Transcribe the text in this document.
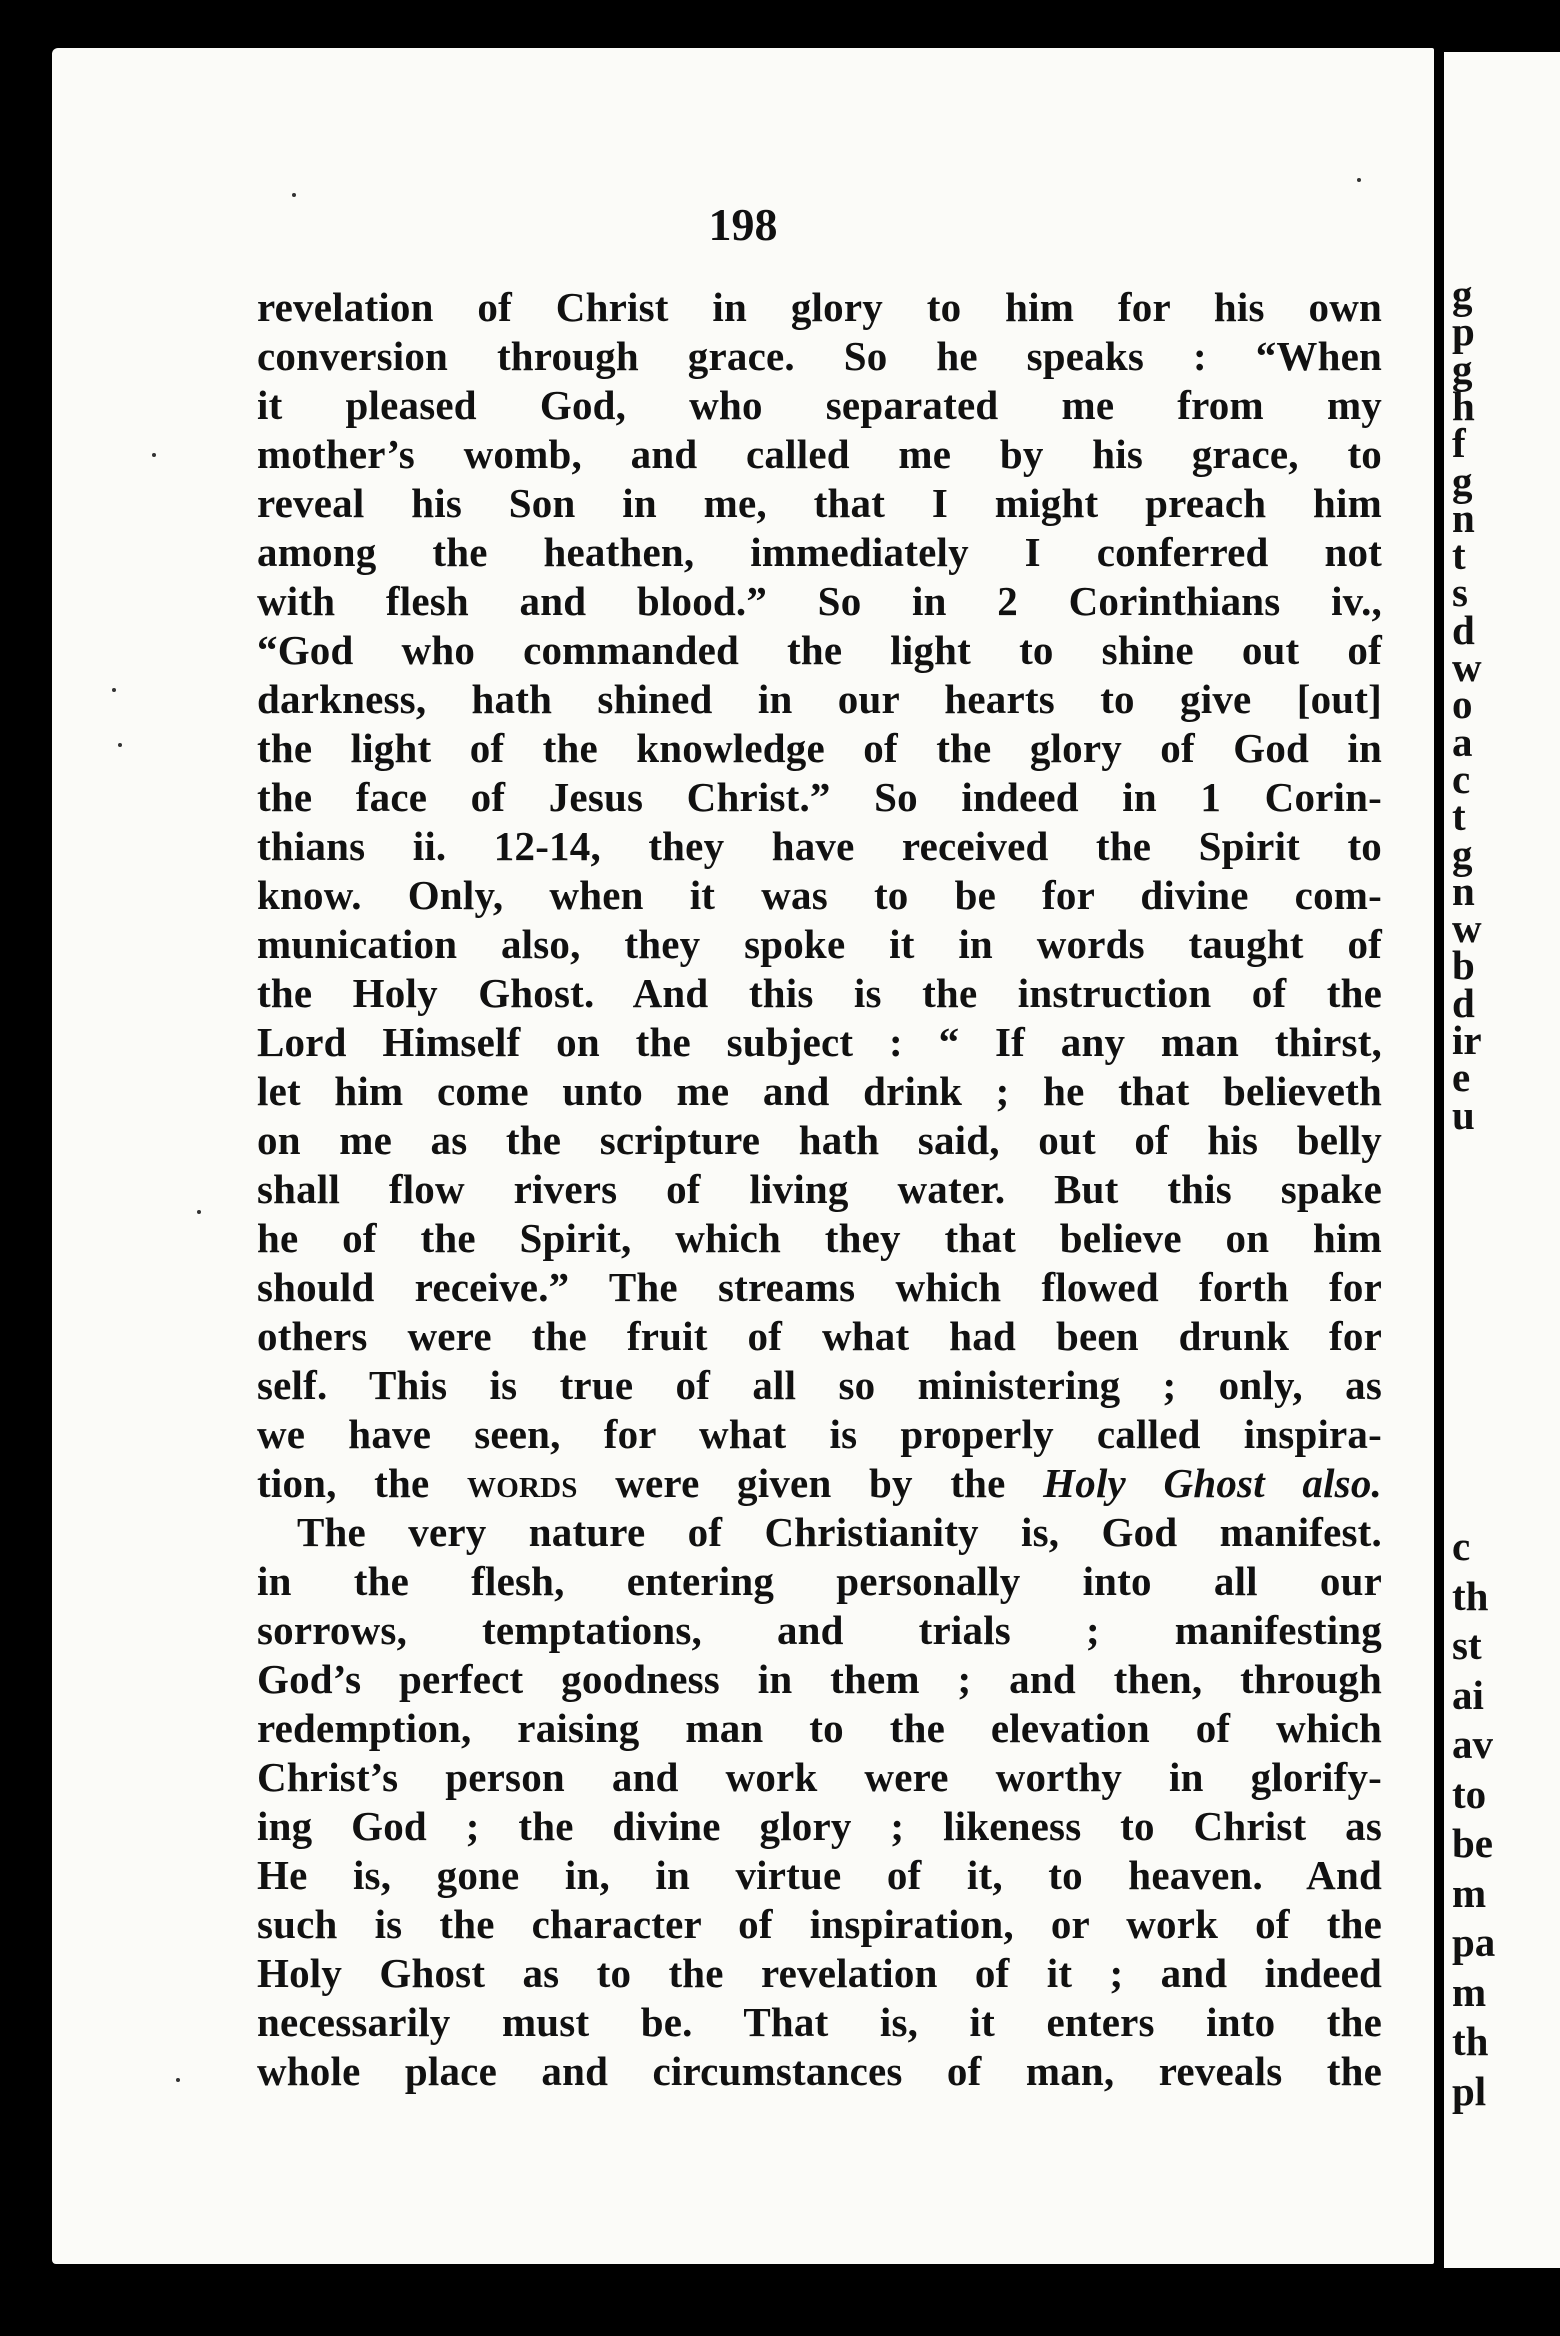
198
revelation of Christ in glory to him for his own
conversion through grace. So he speaks : “When
it pleased God, who separated me from my
mother’s womb, and called me by his grace, to
reveal his Son in me, that I might preach him
among the heathen, immediately I conferred not
with flesh and blood.” So in 2 Corinthians iv.,
“God who commanded the light to shine out of
darkness, hath shined in our hearts to give [out]
the light of the knowledge of the glory of God in
the face of Jesus Christ.” So indeed in 1 Corin-
thians ii. 12-14, they have received the Spirit to
know. Only, when it was to be for divine com-
munication also, they spoke it in words taught of
the Holy Ghost. And this is the instruction of the
Lord Himself on the subject : “ If any man thirst,
let him come unto me and drink ; he that believeth
on me as the scripture hath said, out of his belly
shall flow rivers of living water. But this spake
he of the Spirit, which they that believe on him
should receive.” The streams which flowed forth for
others were the fruit of what had been drunk for
self. This is true of all so ministering ; only, as
we have seen, for what is properly called inspira-
tion, the words were given by the Holy Ghost also.
The very nature of Christianity is, God manifest.
in the flesh, entering personally into all our
sorrows, temptations, and trials ; manifesting
God’s perfect goodness in them ; and then, through
redemption, raising man to the elevation of which
Christ’s person and work were worthy in glorify-
ing God ; the divine glory ; likeness to Christ as
He is, gone in, in virtue of it, to heaven. And
such is the character of inspiration, or work of the
Holy Ghost as to the revelation of it ; and indeed
necessarily must be. That is, it enters into the
whole place and circumstances of man, reveals the
g
p
g
h
f
g
n
t
s
d
w
o
a
c
t
g
n
w
b
d
ir
e
u
c
th
st
ai
av
to
be
m
pa
m
th
pl
